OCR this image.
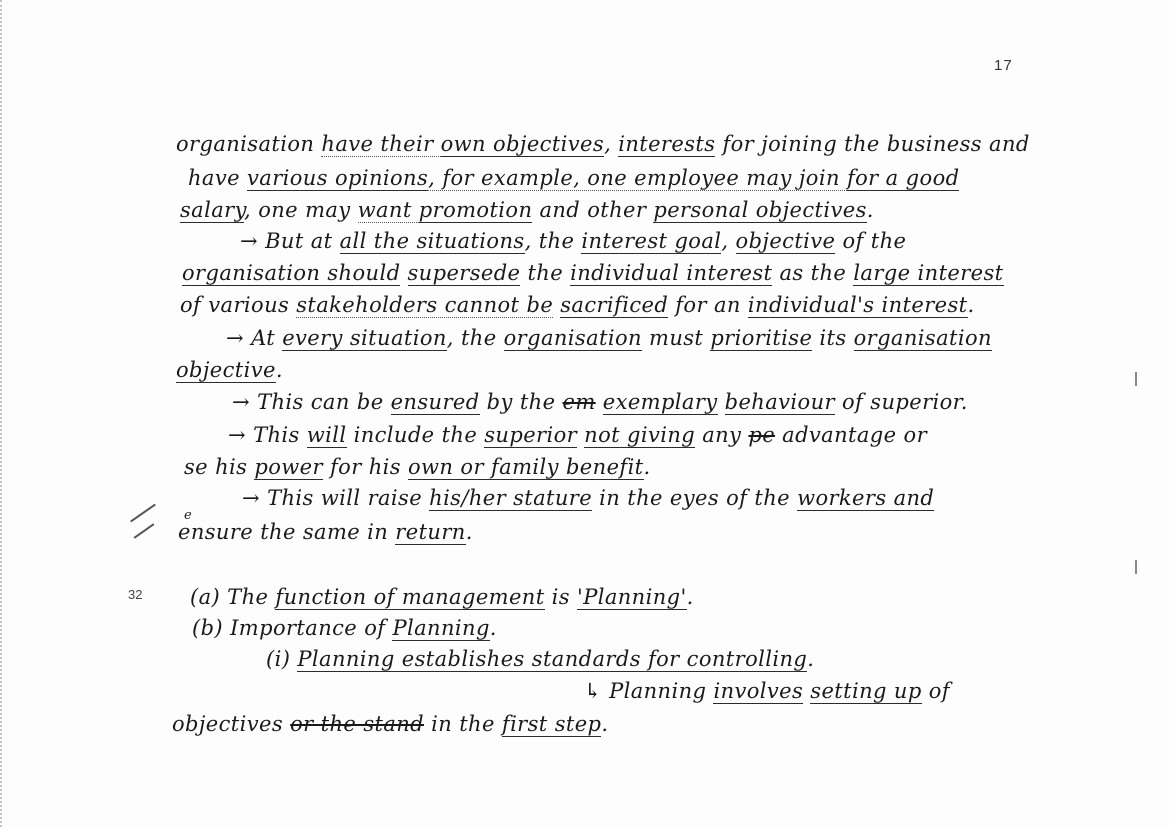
17
32
organisation have their own objectives, interests for joining the business and
have various opinions, for example, one employee may join for a good
salary, one may want promotion and other personal objectives.
→ But at all the situations, the interest goal, objective of the
organisation should supersede the individual interest as the large interest
of various stakeholders cannot be sacrificed for an individual's interest.
→ At every situation, the organisation must prioritise its organisation
objective.
→ This can be ensured by the em exemplary behaviour of superior.
→ This will include the superior not giving any pe advantage or
se his power for his own or family benefit.
→ This will raise his/her stature in the eyes of the workers and
e
ensure the same in return.
(a) The function of management is 'Planning'.
(b) Importance of Planning.
(i) Planning establishes standards for controlling.
↳ Planning involves setting up of
objectives or the stand in the first step.
